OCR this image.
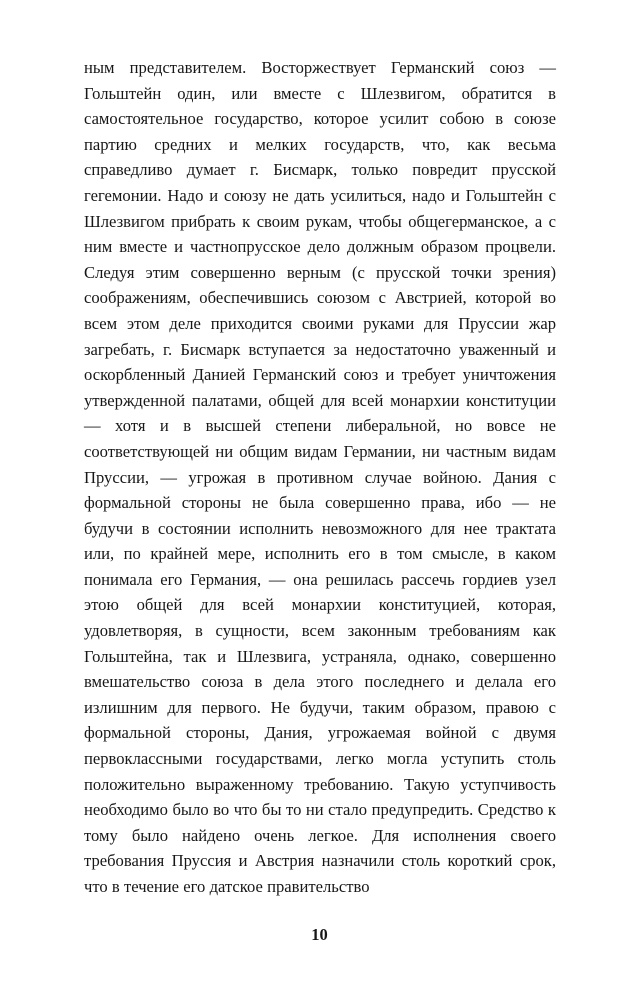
ным представителем. Восторжествует Германский союз — Гольштейн один, или вместе с Шлезвигом, обратится в самостоятельное государство, которое усилит собою в союзе партию средних и мелких государств, что, как весьма справедливо думает г. Бисмарк, только повредит прусской гегемонии. Надо и союзу не дать усилиться, надо и Гольштейн с Шлезвигом прибрать к своим рукам, чтобы общегерманское, а с ним вместе и частнопрусское дело должным образом процвели. Следуя этим совершенно верным (с прусской точки зрения) соображениям, обеспечившись союзом с Австрией, которой во всем этом деле приходится своими руками для Пруссии жар загребать, г. Бисмарк вступается за недостаточно уваженный и оскорбленный Данией Германский союз и требует уничтожения утвержденной палатами, общей для всей монархии конституции — хотя и в высшей степени либеральной, но вовсе не соответствующей ни общим видам Германии, ни частным видам Пруссии, — угрожая в противном случае войною. Дания с формальной стороны не была совершенно права, ибо — не будучи в состоянии исполнить невозможного для нее трактата или, по крайней мере, исполнить его в том смысле, в каком понимала его Германия, — она решилась рассечь гордиев узел этою общей для всей монархии конституцией, которая, удовлетворяя, в сущности, всем законным требованиям как Гольштейна, так и Шлезвига, устраняла, однако, совершенно вмешательство союза в дела этого последнего и делала его излишним для первого. Не будучи, таким образом, правою с формальной стороны, Дания, угрожаемая войной с двумя первоклассными государствами, легко могла уступить столь положительно выраженному требованию. Такую уступчивость необходимо было во что бы то ни стало предупредить. Средство к тому было найдено очень легкое. Для исполнения своего требования Пруссия и Австрия назначили столь короткий срок, что в течение его датское правительство

10
